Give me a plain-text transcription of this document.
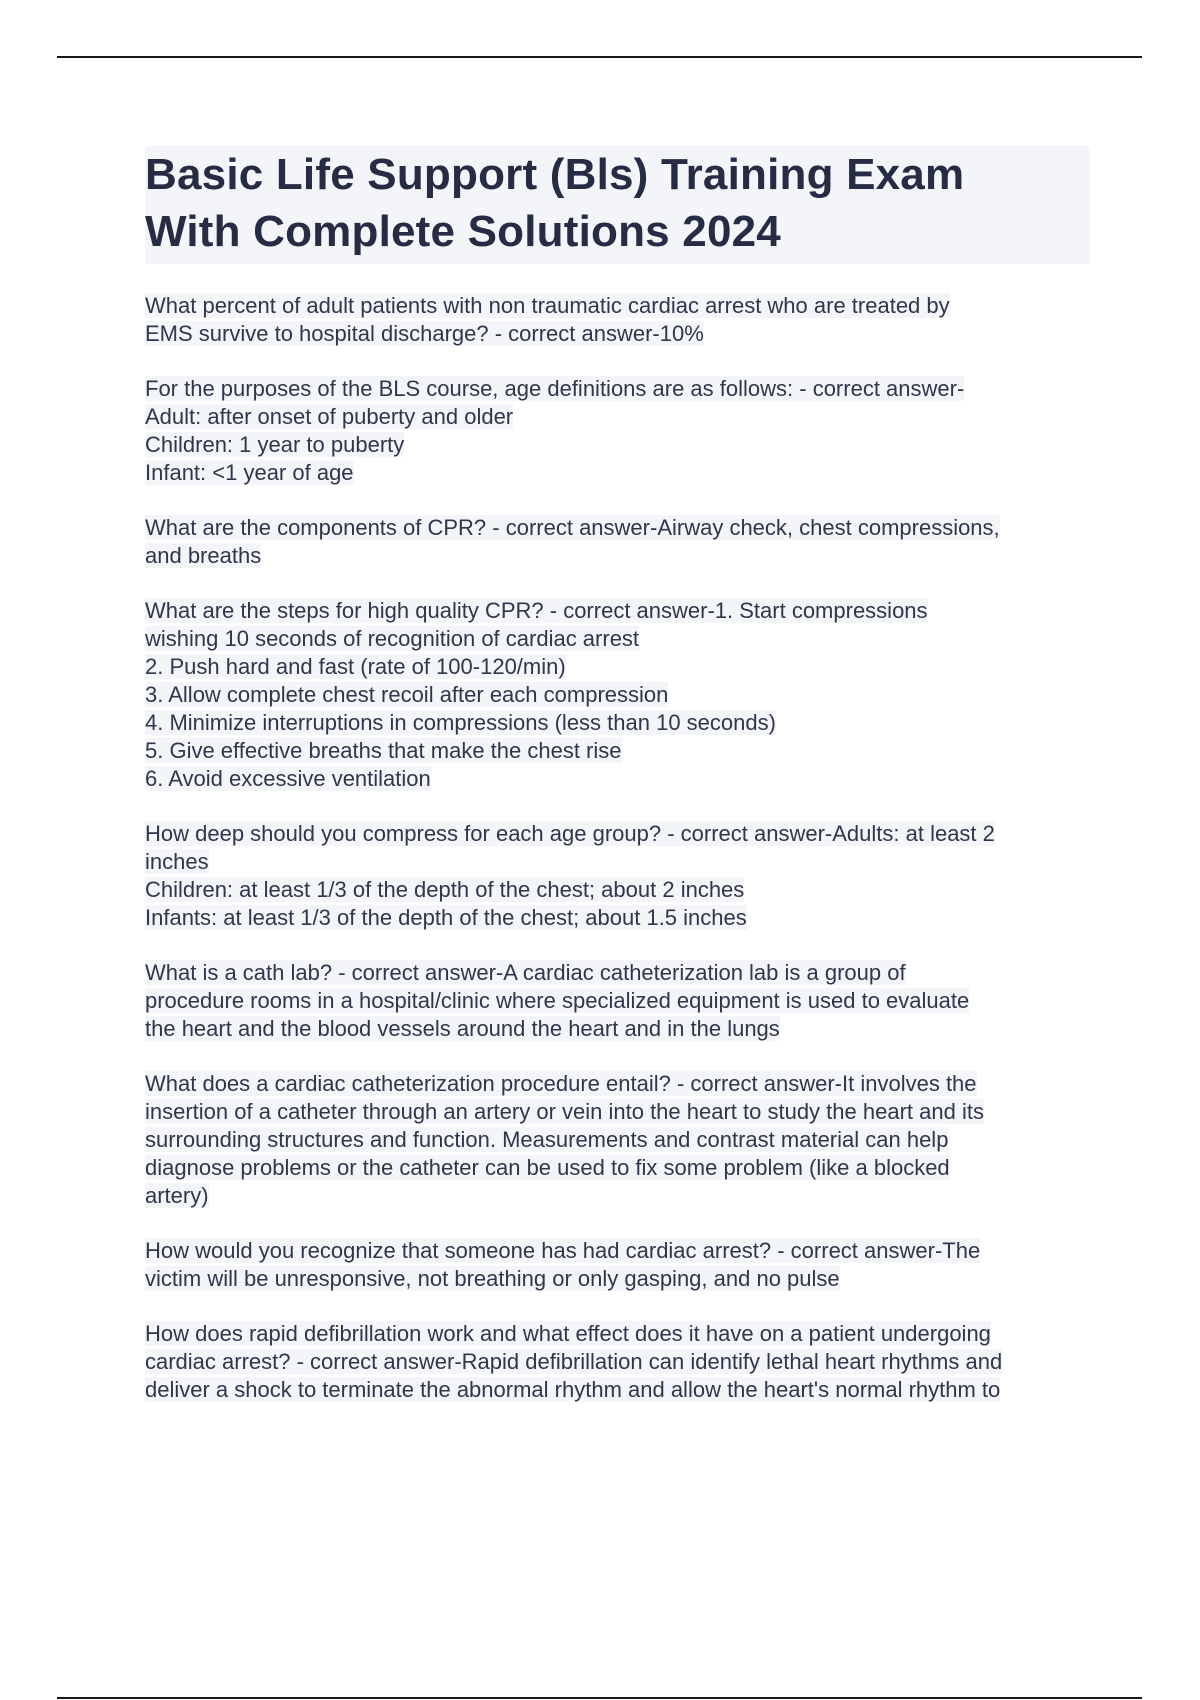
Basic Life Support (Bls) Training Exam
With Complete Solutions 2024
What percent of adult patients with non traumatic cardiac arrest who are treated by
EMS survive to hospital discharge? - correct answer-10%
For the purposes of the BLS course, age definitions are as follows: - correct answer-
Adult: after onset of puberty and older
Children: 1 year to puberty
Infant: <1 year of age
What are the components of CPR? - correct answer-Airway check, chest compressions,
and breaths
What are the steps for high quality CPR? - correct answer-1. Start compressions
wishing 10 seconds of recognition of cardiac arrest
2. Push hard and fast (rate of 100-120/min)
3. Allow complete chest recoil after each compression
4. Minimize interruptions in compressions (less than 10 seconds)
5. Give effective breaths that make the chest rise
6. Avoid excessive ventilation
How deep should you compress for each age group? - correct answer-Adults: at least 2
inches
Children: at least 1/3 of the depth of the chest; about 2 inches
Infants: at least 1/3 of the depth of the chest; about 1.5 inches
What is a cath lab? - correct answer-A cardiac catheterization lab is a group of
procedure rooms in a hospital/clinic where specialized equipment is used to evaluate
the heart and the blood vessels around the heart and in the lungs
What does a cardiac catheterization procedure entail? - correct answer-It involves the
insertion of a catheter through an artery or vein into the heart to study the heart and its
surrounding structures and function. Measurements and contrast material can help
diagnose problems or the catheter can be used to fix some problem (like a blocked
artery)
How would you recognize that someone has had cardiac arrest? - correct answer-The
victim will be unresponsive, not breathing or only gasping, and no pulse
How does rapid defibrillation work and what effect does it have on a patient undergoing
cardiac arrest? - correct answer-Rapid defibrillation can identify lethal heart rhythms and
deliver a shock to terminate the abnormal rhythm and allow the heart's normal rhythm to
